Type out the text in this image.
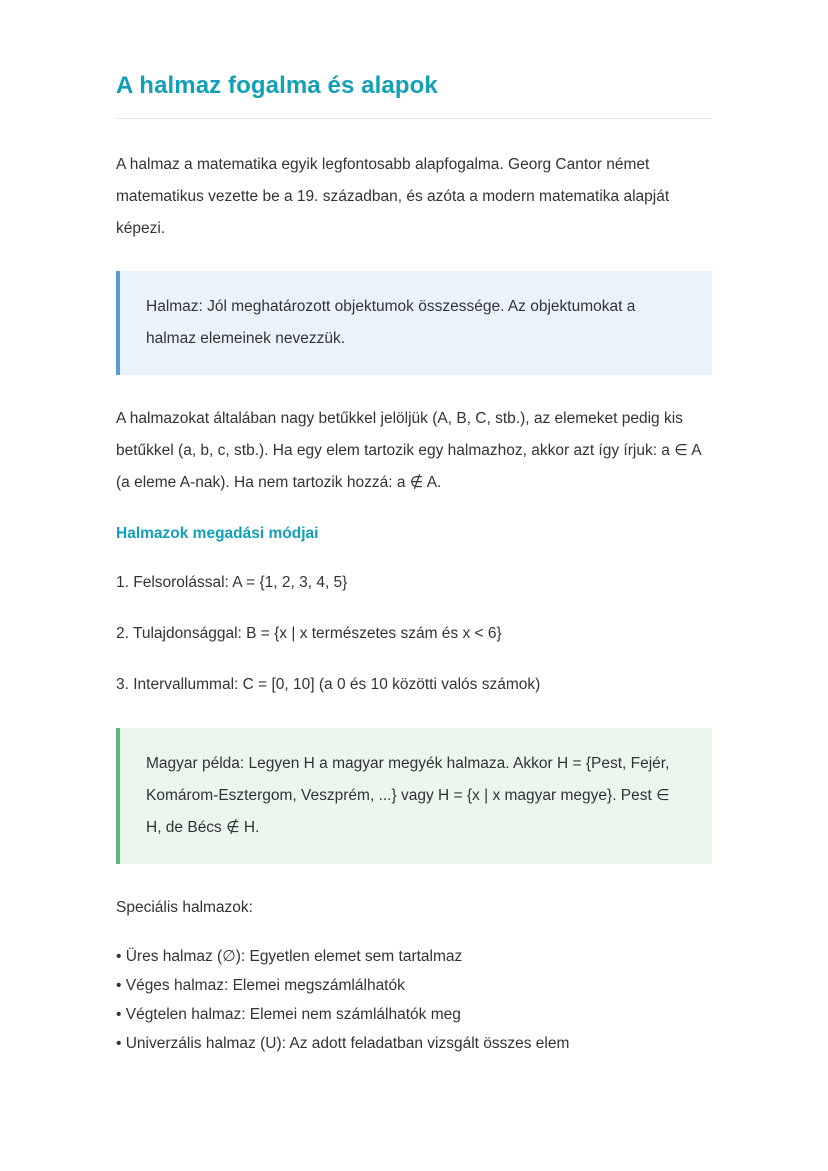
A halmaz fogalma és alapok

A halmaz a matematika egyik legfontosabb alapfogalma. Georg Cantor német matematikus vezette be a 19. században, és azóta a modern matematika alapját képezi.

Halmaz: Jól meghatározott objektumok összessége. Az objektumokat a halmaz elemeinek nevezzük.

A halmazokat általában nagy betűkkel jelöljük (A, B, C, stb.), az elemeket pedig kis betűkkel (a, b, c, stb.). Ha egy elem tartozik egy halmazhoz, akkor azt így írjuk: a ∈ A (a eleme A-nak). Ha nem tartozik hozzá: a ∉ A.

Halmazok megadási módjai

1. Felsorolással: A = {1, 2, 3, 4, 5}

2. Tulajdonsággal: B = {x | x természetes szám és x < 6}

3. Intervallummal: C = [0, 10] (a 0 és 10 közötti valós számok)

Magyar példa: Legyen H a magyar megyék halmaza. Akkor H = {Pest, Fejér, Komárom-Esztergom, Veszprém, ...} vagy H = {x | x magyar megye}. Pest ∈ H, de Bécs ∉ H.

Speciális halmazok:

• Üres halmaz (∅): Egyetlen elemet sem tartalmaz

• Véges halmaz: Elemei megszámlálhatók

• Végtelen halmaz: Elemei nem számlálhatók meg

• Univerzális halmaz (U): Az adott feladatban vizsgált összes elem
